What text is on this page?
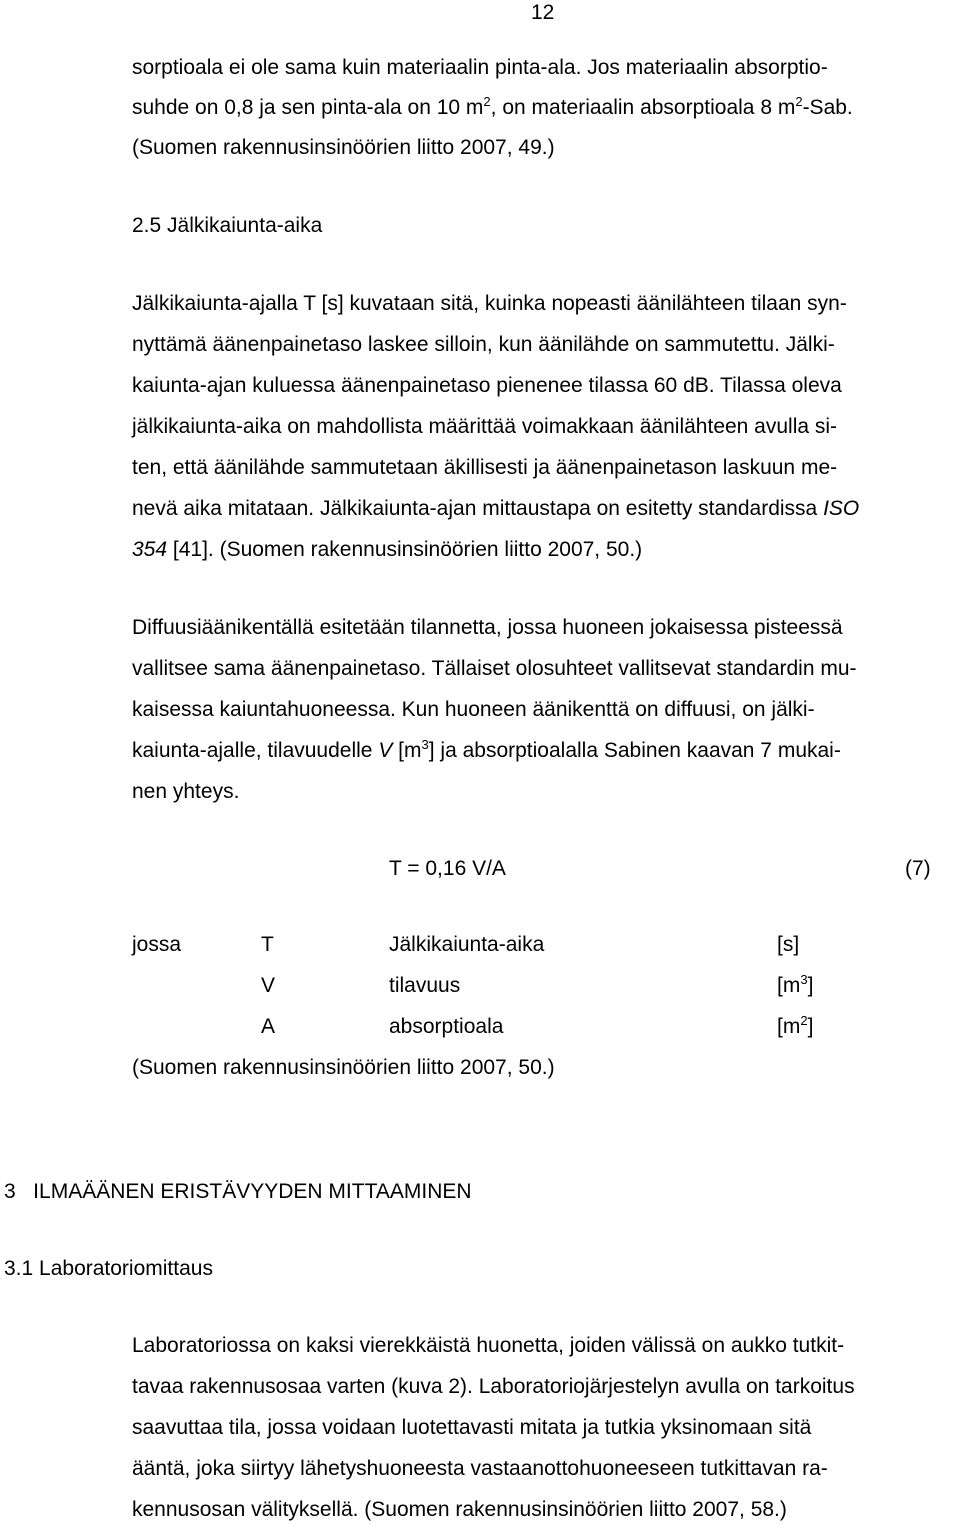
12
sorptioala ei ole sama kuin materiaalin pinta-ala. Jos materiaalin absorptio-
suhde on 0,8 ja sen pinta-ala on 10 $m^2$, on materiaalin absorptioala 8 $m^2$-Sab.
(Suomen rakennusinsinöörien liitto 2007, 49.)
2.5 Jälkikaiunta-aika
Jälkikaiunta-ajalla T [s] kuvataan sitä, kuinka nopeasti äänilähteen tilaan syn-
nyttämä äänenpainetaso laskee silloin, kun äänilähde on sammutettu. Jälki-
kaiunta-ajan kuluessa äänenpainetaso pienenee tilassa 60 dB. Tilassa oleva
jälkikaiunta-aika on mahdollista määrittää voimakkaan äänilähteen avulla si-
ten, että äänilähde sammutetaan äkillisesti ja äänenpainetason laskuun me-
nevä aika mitataan. Jälkikaiunta-ajan mittaustapa on esitetty standardissa ISO
354 [41]. (Suomen rakennusinsinöörien liitto 2007, 50.)
Diffuusiäänikentällä esitetään tilannetta, jossa huoneen jokaisessa pisteessä
vallitsee sama äänenpainetaso. Tällaiset olosuhteet vallitsevat standardin mu-
kaisessa kaiuntahuoneessa. Kun huoneen äänikenttä on diffuusi, on jälki-
kaiunta-ajalle, tilavuudelle V $[m^3]$ ja absorptioalalla Sabinen kaavan 7 mukai-
nen yhteys.
T = 0,16 V/A	(7)
jossa	T	Jälkikaiunta-aika	[s]
V	tilavuus	$[m^3]$
A	absorptioala	$[m^2]$
(Suomen rakennusinsinöörien liitto 2007, 50.)
3   ILMAÄÄNEN ERISTÄVYYDEN MITTAAMINEN
3.1 Laboratoriomittaus
Laboratoriossa on kaksi vierekkäistä huonetta, joiden välissä on aukko tutkit-
tavaa rakennusosaa varten (kuva 2). Laboratoriojärjestelyn avulla on tarkoitus
saavuttaa tila, jossa voidaan luotettavasti mitata ja tutkia yksinomaan sitä
ääntä, joka siirtyy lähetyshuoneesta vastaanottohuoneeseen tutkittavan ra-
kennusosan välityksellä. (Suomen rakennusinsinöörien liitto 2007, 58.)
